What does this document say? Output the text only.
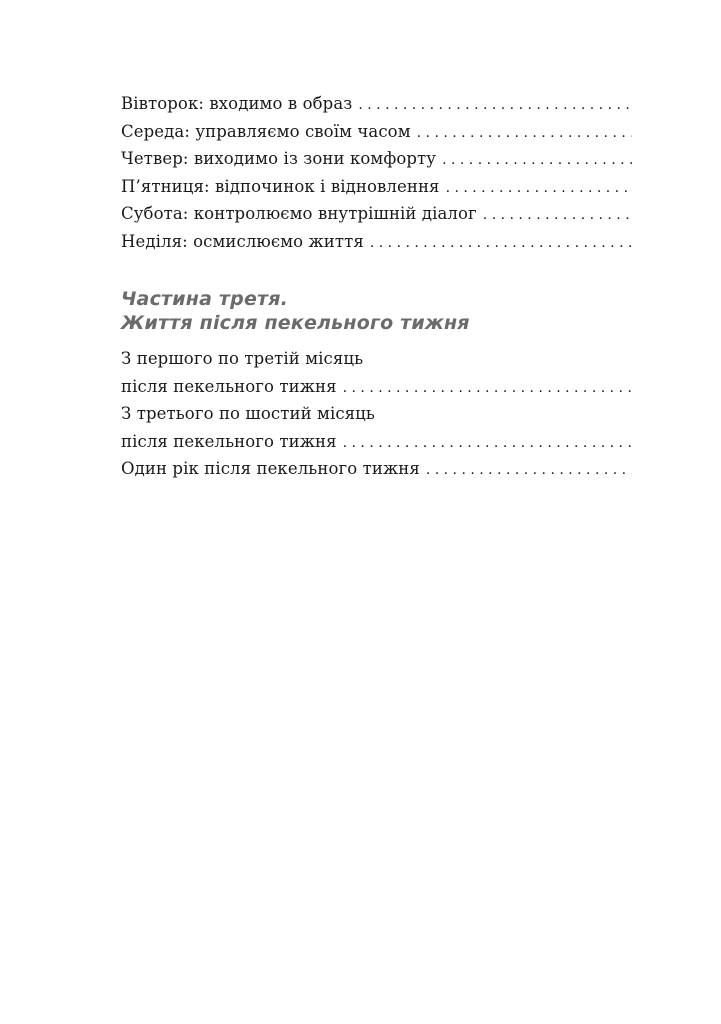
Вівторок: входимо в образ
. . .
Середа: управляємо своїм часом
. . .
Четвер: виходимо із зони комфорту
. . .
П’ятниця: відпочинок і відновлення
. . .
Субота: контролюємо внутрішній діалог
. . .
Неділя: осмислюємо життя
. . .
Частина третя.
Життя після пекельного тижня
З першого по третій місяць
після пекельного тижня
. . .
З третього по шостий місяць
після пекельного тижня
. . .
Один рік після пекельного тижня
. . .
